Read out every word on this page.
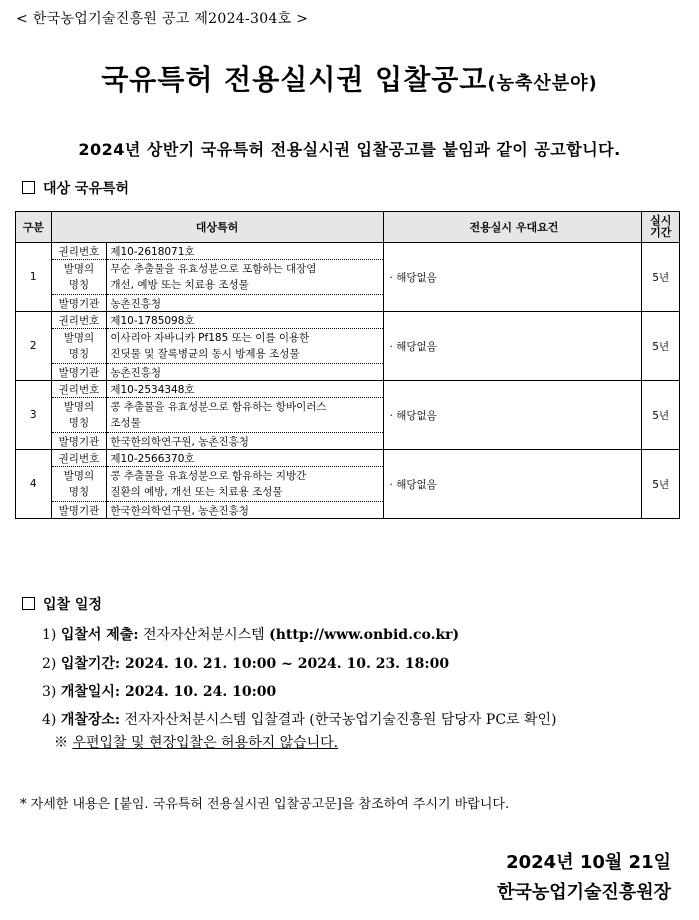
< 한국농업기술진흥원 공고 제2024-304호 >
국유특허 전용실시권 입찰공고(농축산분야)
2024년 상반기 국유특허 전용실시권 입찰공고를 붙임과 같이 공고합니다.
대상 국유특허
구분	대상특허		전용실시 우대요건	실시
기간
1	권리번호	제10-2618071호	· 해당없음	5년
	발명의
명칭	무순 추출물을 유효성분으로 포함하는 대장염
개선, 예방 또는 치료용 조성물		
	발명기관	농촌진흥청		
2	권리번호	제10-1785098호	· 해당없음	5년
	발명의
명칭	이사리아 자바니카 Pf185 또는 이를 이용한
진딧물 및 잘록병균의 동시 방제용 조성물		
	발명기관	농촌진흥청		
3	권리번호	제10-2534348호	· 해당없음	5년
	발명의
명칭	콩 추출물을 유효성분으로 함유하는 항바이러스
조성물		
	발명기관	한국한의학연구원, 농촌진흥청		
4	권리번호	제10-2566370호	· 해당없음	5년
	발명의
명칭	콩 추출물을 유효성분으로 함유하는 지방간
질환의 예방, 개선 또는 치료용 조성물		
	발명기관	한국한의학연구원, 농촌진흥청		
입찰 일정
1) 입찰서 제출: 전자자산처분시스템 (http://www.onbid.co.kr)
2) 입찰기간: 2024. 10. 21. 10:00 ~ 2024. 10. 23. 18:00
3) 개찰일시: 2024. 10. 24. 10:00
4) 개찰장소: 전자자산처분시스템 입찰결과 (한국농업기술진흥원 담당자 PC로 확인)
※ 우편입찰 및 현장입찰은 허용하지 않습니다.
* 자세한 내용은 [붙임. 국유특허 전용실시권 입찰공고문]을 참조하여 주시기 바랍니다.
2024년 10월 21일
한국농업기술진흥원장
